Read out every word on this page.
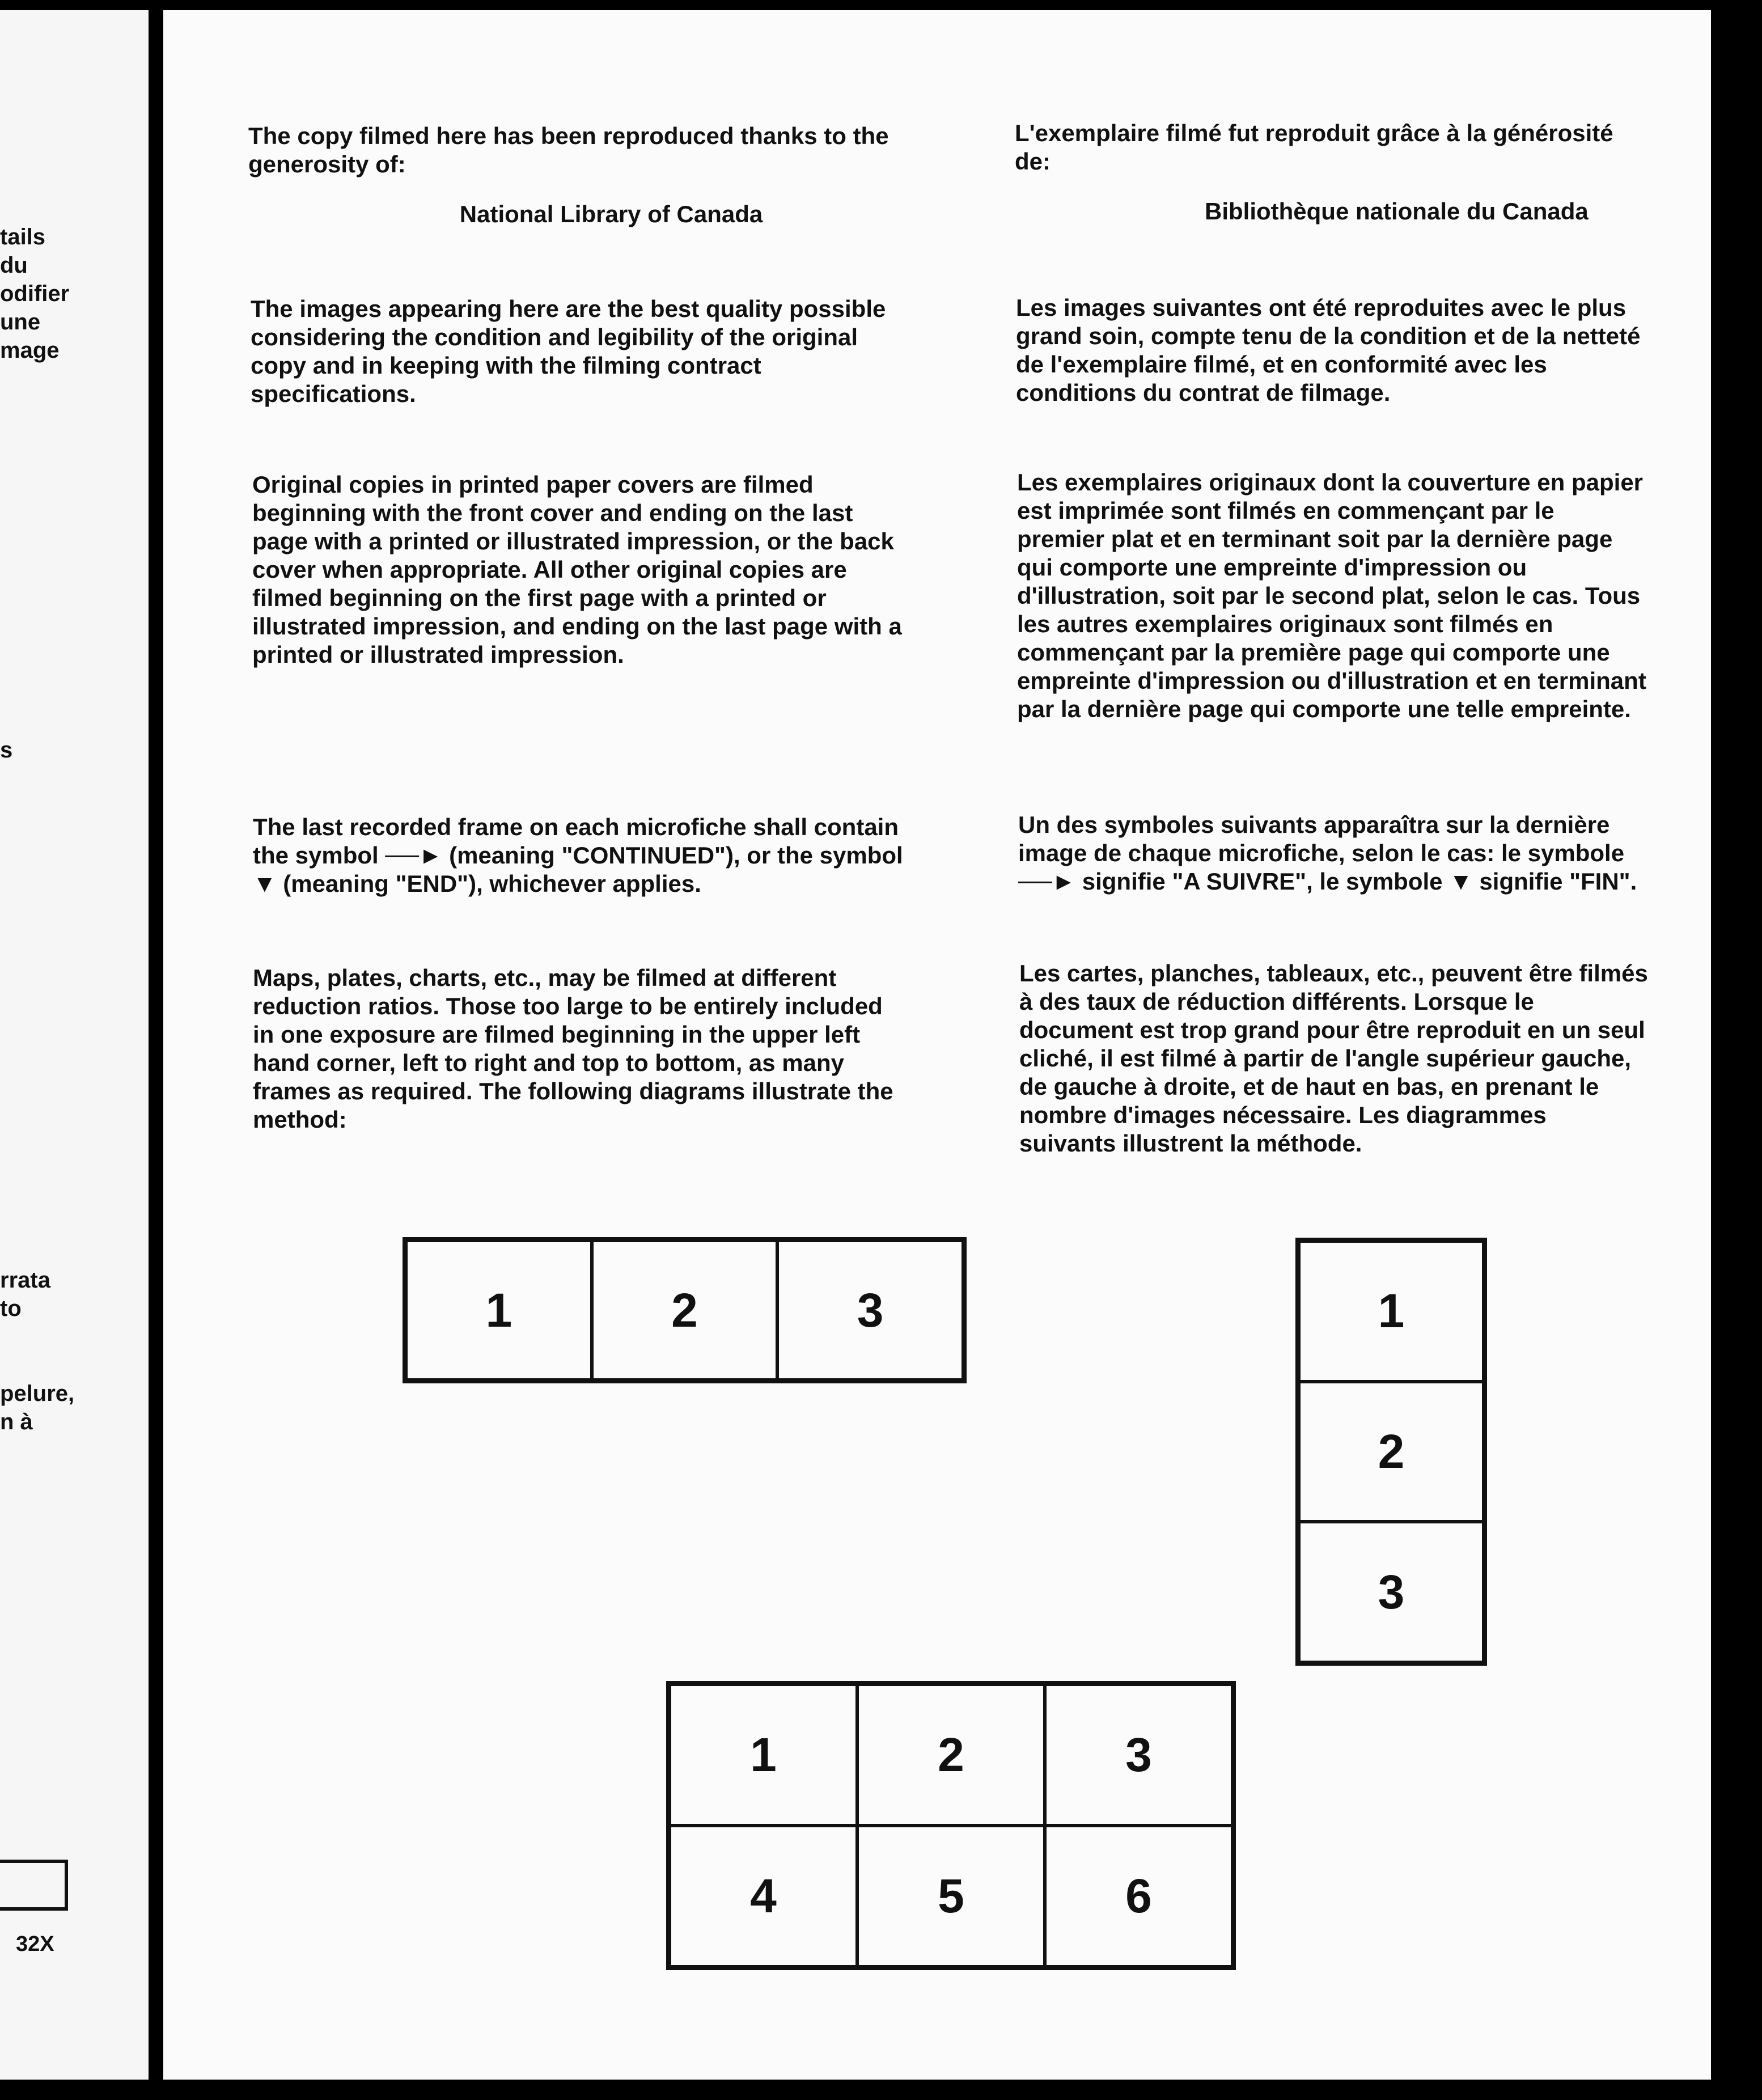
tails
du
odifier
une
mage

s

rrata

to

pelure,

n à

32X

The copy filmed here has been reproduced thanks to the generosity of:

National Library of Canada

The images appearing here are the best quality possible considering the condition and legibility of the original copy and in keeping with the filming contract specifications.

Original copies in printed paper covers are filmed beginning with the front cover and ending on the last page with a printed or illustrated impression, or the back cover when appropriate. All other original copies are filmed beginning on the first page with a printed or illustrated impression, and ending on the last page with a printed or illustrated impression.

The last recorded frame on each microfiche shall contain the symbol ──► (meaning "CONTINUED"), or the symbol ▼ (meaning "END"), whichever applies.

Maps, plates, charts, etc., may be filmed at different reduction ratios. Those too large to be entirely included in one exposure are filmed beginning in the upper left hand corner, left to right and top to bottom, as many frames as required. The following diagrams illustrate the method:

L'exemplaire filmé fut reproduit grâce à la générosité de:

Bibliothèque nationale du Canada

Les images suivantes ont été reproduites avec le plus grand soin, compte tenu de la condition et de la netteté de l'exemplaire filmé, et en conformité avec les conditions du contrat de filmage.

Les exemplaires originaux dont la couverture en papier est imprimée sont filmés en commençant par le premier plat et en terminant soit par la dernière page qui comporte une empreinte d'impression ou d'illustration, soit par le second plat, selon le cas. Tous les autres exemplaires originaux sont filmés en commençant par la première page qui comporte une empreinte d'impression ou d'illustration et en terminant par la dernière page qui comporte une telle empreinte.

Un des symboles suivants apparaîtra sur la dernière image de chaque microfiche, selon le cas: le symbole ──► signifie "A SUIVRE", le symbole ▼ signifie "FIN".

Les cartes, planches, tableaux, etc., peuvent être filmés à des taux de réduction différents. Lorsque le document est trop grand pour être reproduit en un seul cliché, il est filmé à partir de l'angle supérieur gauche, de gauche à droite, et de haut en bas, en prenant le nombre d'images nécessaire. Les diagrammes suivants illustrent la méthode.

1	2	3	1
2
3
1	2	3
4	5	6
